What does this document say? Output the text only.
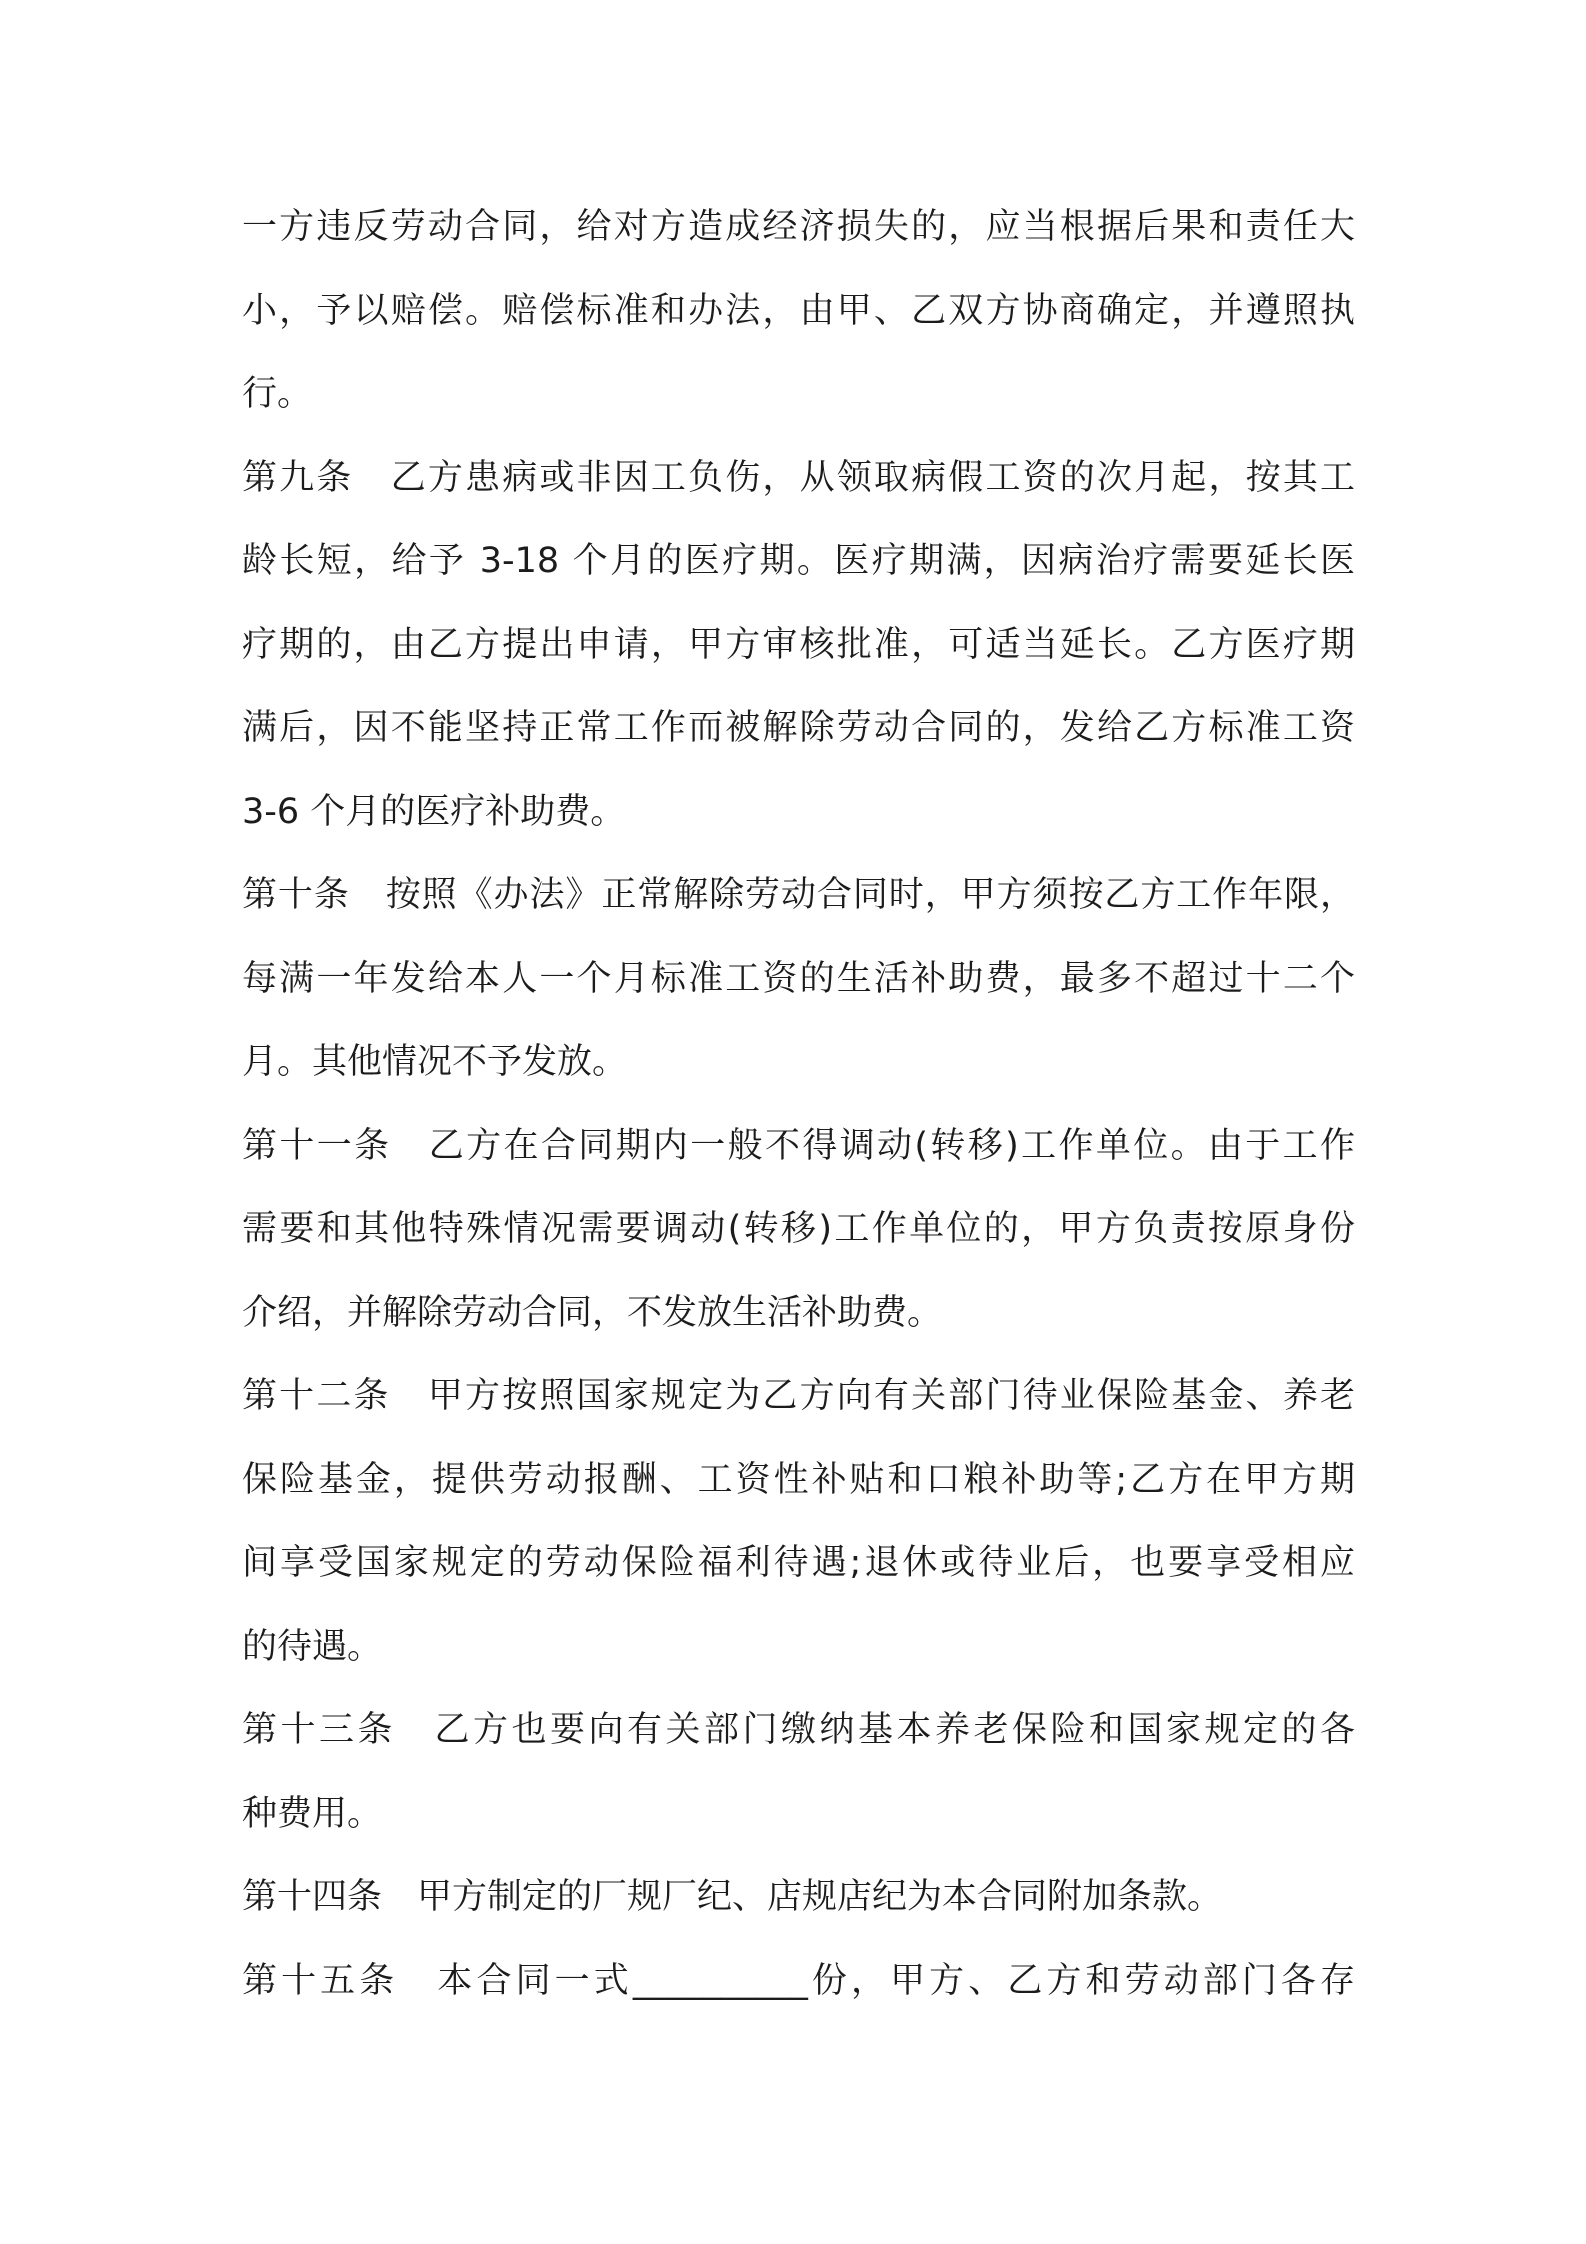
一方违反劳动合同，给对方造成经济损失的，应当根据后果和责任大
小，予以赔偿。赔偿标准和办法，由甲、乙双方协商确定，并遵照执
行。
第九条　乙方患病或非因工负伤，从领取病假工资的次月起，按其工
龄长短，给予 3-18 个月的医疗期。医疗期满，因病治疗需要延长医
疗期的，由乙方提出申请，甲方审核批准，可适当延长。乙方医疗期
满后，因不能坚持正常工作而被解除劳动合同的，发给乙方标准工资
3-6 个月的医疗补助费。
第十条　按照《办法》正常解除劳动合同时，甲方须按乙方工作年限，
每满一年发给本人一个月标准工资的生活补助费，最多不超过十二个
月。其他情况不予发放。
第十一条　乙方在合同期内一般不得调动(转移)工作单位。由于工作
需要和其他特殊情况需要调动(转移)工作单位的，甲方负责按原身份
介绍，并解除劳动合同，不发放生活补助费。
第十二条　甲方按照国家规定为乙方向有关部门待业保险基金、养老
保险基金，提供劳动报酬、工资性补贴和口粮补助等;乙方在甲方期
间享受国家规定的劳动保险福利待遇;退休或待业后，也要享受相应
的待遇。
第十三条　乙方也要向有关部门缴纳基本养老保险和国家规定的各
种费用。
第十四条　甲方制定的厂规厂纪、店规店纪为本合同附加条款。
第十五条　本合同一式__________份，甲方、乙方和劳动部门各存
